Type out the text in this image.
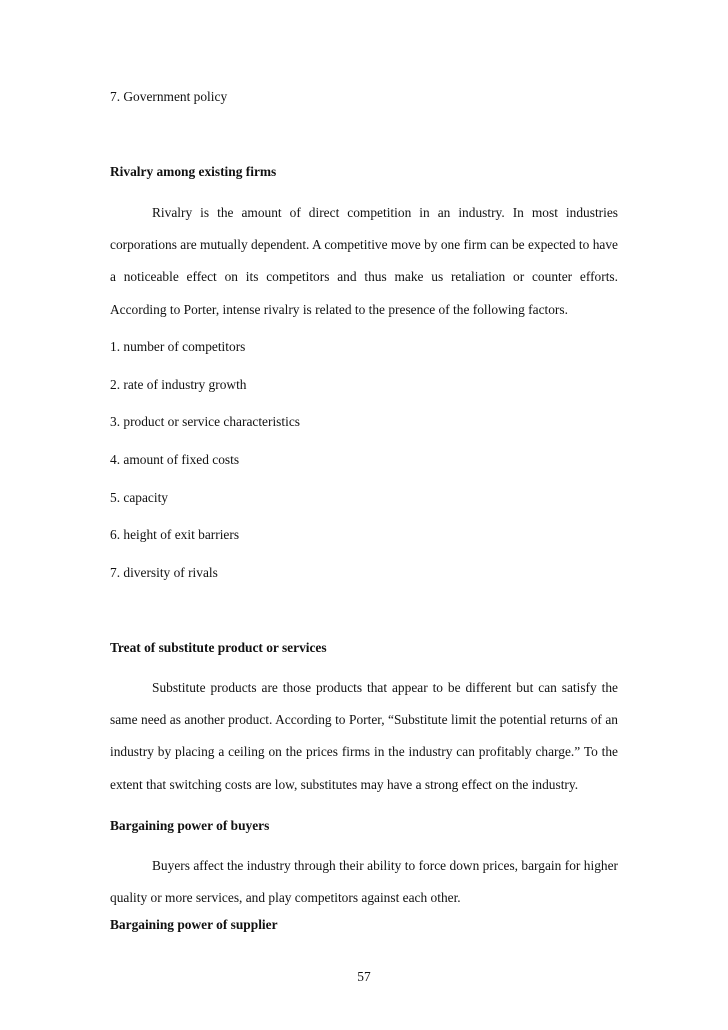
7. Government policy

Rivalry among existing firms

Rivalry is the amount of direct competition in an industry. In most industries corporations are mutually dependent. A competitive move by one firm can be expected to have a noticeable effect on its competitors and thus make us retaliation or counter efforts. According to Porter, intense rivalry is related to the presence of the following factors.

1. number of competitors

2. rate of industry growth

3. product or service characteristics

4. amount of fixed costs

5. capacity

6. height of exit barriers

7. diversity of rivals

Treat of substitute product or services

Substitute products are those products that appear to be different but can satisfy the same need as another product. According to Porter, “Substitute limit the potential returns of an industry by placing a ceiling on the prices firms in the industry can profitably charge.” To the extent that switching costs are low, substitutes may have a strong effect on the industry.

Bargaining power of buyers

Buyers affect the industry through their ability to force down prices, bargain for higher quality or more services, and play competitors against each other.

Bargaining power of supplier

57
